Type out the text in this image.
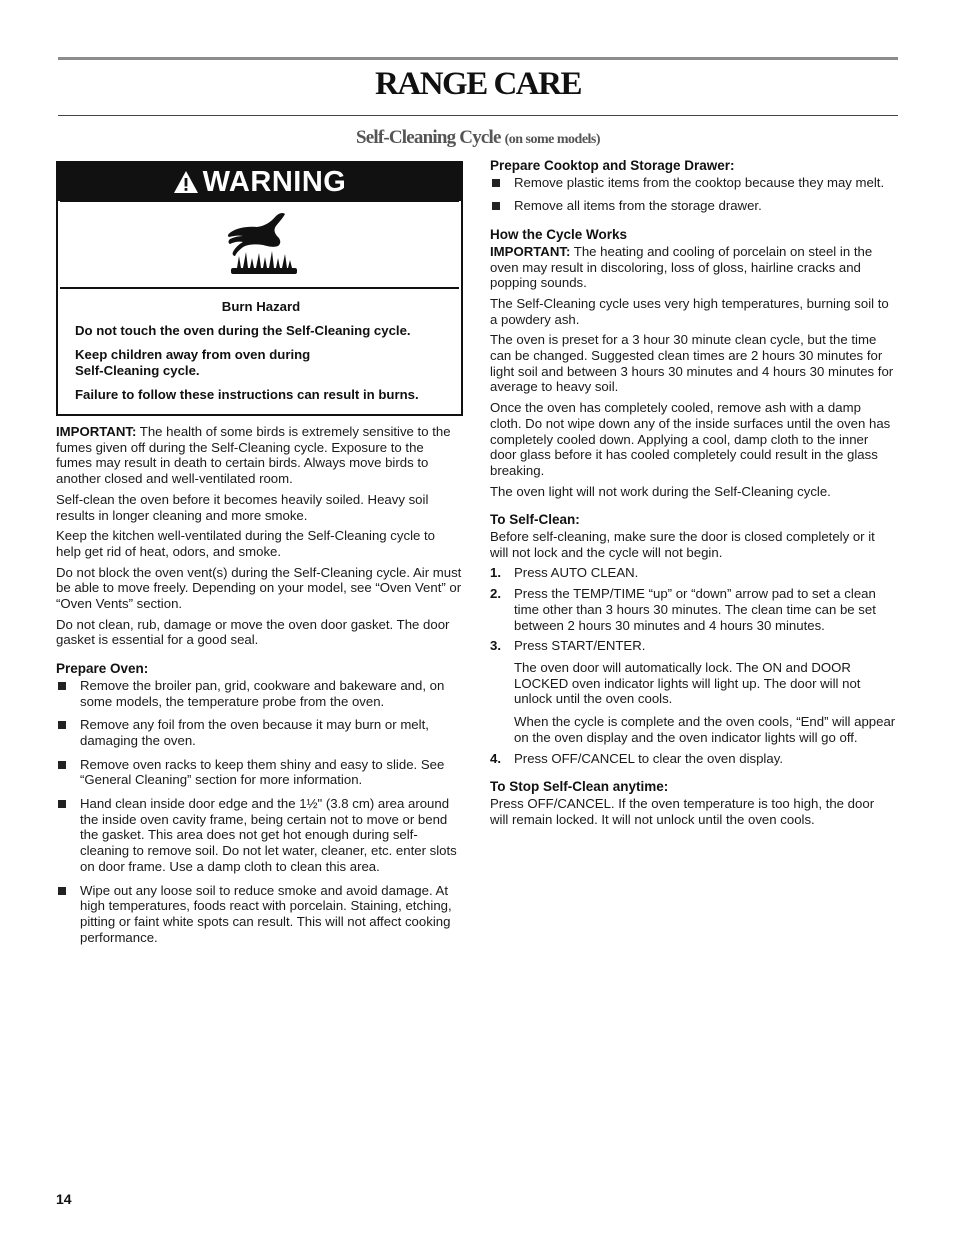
RANGE CARE
Self-Cleaning Cycle (on some models)
WARNING
Burn Hazard

Do not touch the oven during the Self-Cleaning cycle.

Keep children away from oven during
Self-Cleaning cycle.

Failure to follow these instructions can result in burns.

IMPORTANT: The health of some birds is extremely sensitive to the fumes given off during the Self-Cleaning cycle. Exposure to the fumes may result in death to certain birds. Always move birds to another closed and well-ventilated room.

Self-clean the oven before it becomes heavily soiled. Heavy soil results in longer cleaning and more smoke.

Keep the kitchen well-ventilated during the Self-Cleaning cycle to help get rid of heat, odors, and smoke.

Do not block the oven vent(s) during the Self-Cleaning cycle. Air must be able to move freely. Depending on your model, see “Oven Vent” or “Oven Vents” section.

Do not clean, rub, damage or move the oven door gasket. The door gasket is essential for a good seal.

Prepare Oven:
Remove the broiler pan, grid, cookware and bakeware and, on some models, the temperature probe from the oven.
Remove any foil from the oven because it may burn or melt, damaging the oven.
Remove oven racks to keep them shiny and easy to slide. See “General Cleaning” section for more information.
Hand clean inside door edge and the 1½" (3.8 cm) area around the inside oven cavity frame, being certain not to move or bend the gasket. This area does not get hot enough during self-cleaning to remove soil. Do not let water, cleaner, etc. enter slots on door frame. Use a damp cloth to clean this area.
Wipe out any loose soil to reduce smoke and avoid damage. At high temperatures, foods react with porcelain. Staining, etching, pitting or faint white spots can result. This will not affect cooking performance.
Prepare Cooktop and Storage Drawer:
Remove plastic items from the cooktop because they may melt.
Remove all items from the storage drawer.
How the Cycle Works

IMPORTANT: The heating and cooling of porcelain on steel in the oven may result in discoloring, loss of gloss, hairline cracks and popping sounds.

The Self-Cleaning cycle uses very high temperatures, burning soil to a powdery ash.

The oven is preset for a 3 hour 30 minute clean cycle, but the time can be changed. Suggested clean times are 2 hours 30 minutes for light soil and between 3 hours 30 minutes and 4 hours 30 minutes for average to heavy soil.

Once the oven has completely cooled, remove ash with a damp cloth. Do not wipe down any of the inside surfaces until the oven has completely cooled down. Applying a cool, damp cloth to the inner door glass before it has cooled completely could result in the glass breaking.

The oven light will not work during the Self-Cleaning cycle.

To Self-Clean:

Before self-cleaning, make sure the door is closed completely or it will not lock and the cycle will not begin.

1. Press AUTO CLEAN.
2. Press the TEMP/TIME “up” or “down” arrow pad to set a clean time other than 3 hours 30 minutes. The clean time can be set between 2 hours 30 minutes and 4 hours 30 minutes.
3. Press START/ENTER.
The oven door will automatically lock. The ON and DOOR LOCKED oven indicator lights will light up. The door will not unlock until the oven cools.
When the cycle is complete and the oven cools, “End” will appear on the oven display and the oven indicator lights will go off.
4. Press OFF/CANCEL to clear the oven display.
To Stop Self-Clean anytime:

Press OFF/CANCEL. If the oven temperature is too high, the door will remain locked. It will not unlock until the oven cools.

14
